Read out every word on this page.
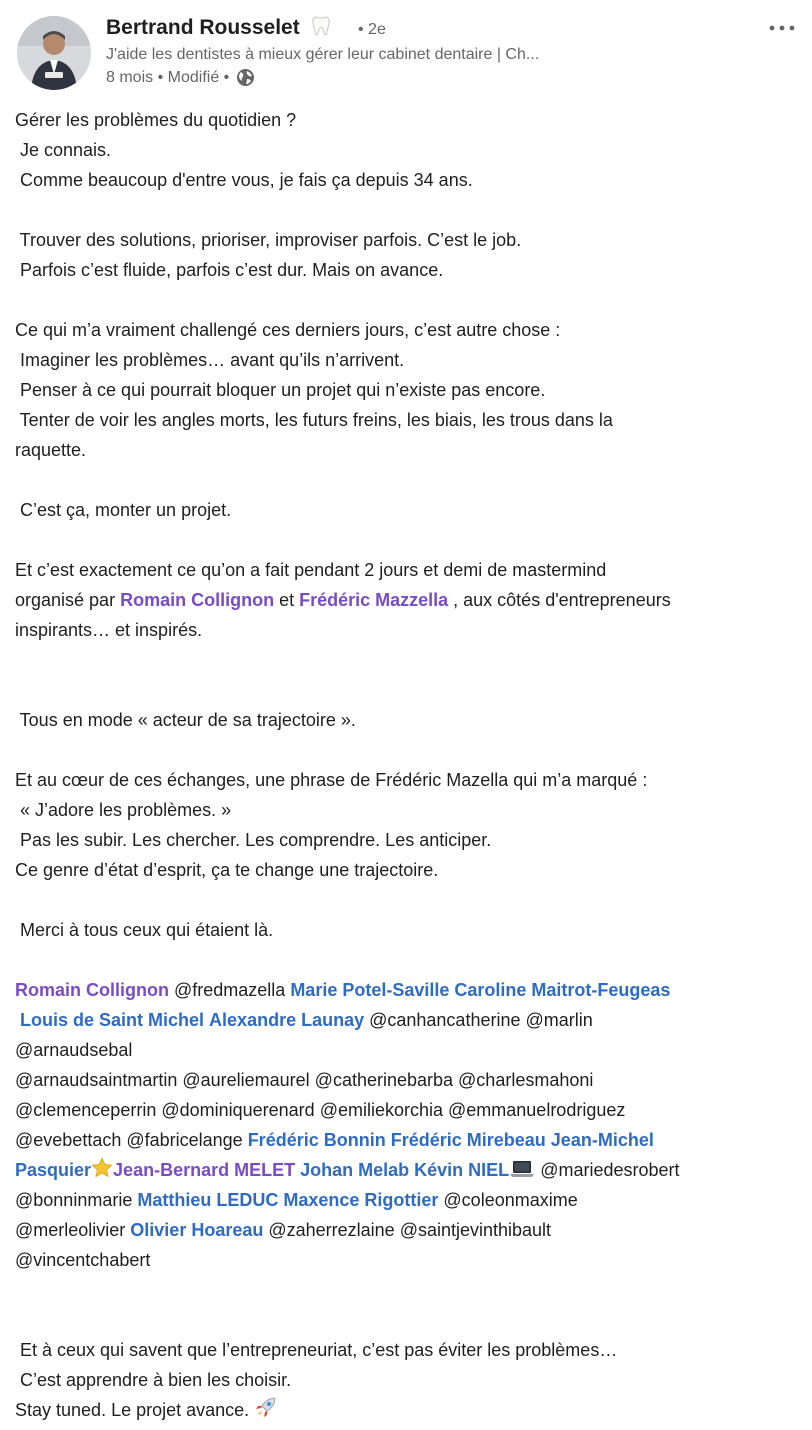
Bertrand Rousselet	• 2e
J'aide les dentistes à mieux gérer leur cabinet dentaire | Ch...
8 mois
•
Modifié
•
Gérer les problèmes du quotidien ?
Je connais.
Comme beaucoup d'entre vous, je fais ça depuis 34 ans.
Trouver des solutions, prioriser, improviser parfois. C’est le job.
Parfois c’est fluide, parfois c’est dur. Mais on avance.
Ce qui m’a vraiment challengé ces derniers jours, c’est autre chose :
Imaginer les problèmes… avant qu’ils n’arrivent.
Penser à ce qui pourrait bloquer un projet qui n’existe pas encore.
Tenter de voir les angles morts, les futurs freins, les biais, les trous dans la
raquette.
C’est ça, monter un projet.
Et c’est exactement ce qu’on a fait pendant 2 jours et demi de mastermind
organisé par Romain Collignon et Frédéric Mazzella , aux côtés d'entrepreneurs
inspirants… et inspirés.
Tous en mode « acteur de sa trajectoire ».
Et au cœur de ces échanges, une phrase de Frédéric Mazella qui m’a marqué :
« J’adore les problèmes. »
Pas les subir. Les chercher. Les comprendre. Les anticiper.
Ce genre d’état d’esprit, ça te change une trajectoire.
Merci à tous ceux qui étaient là.
Romain Collignon @fredmazella Marie Potel-Saville Caroline Maitrot-Feugeas
Louis de Saint Michel Alexandre Launay @canhancatherine @marlin
@arnaudsebal
@arnaudsaintmartin @aureliemaurel @catherinebarba @charlesmahoni
@clemenceperrin @dominiquerenard @emiliekorchia @emmanuelrodriguez
@evebettach @fabricelange Frédéric Bonnin Frédéric Mirebeau Jean-Michel
Pasquier Jean-Bernard MELET Johan Melab Kévin NIEL @mariedesrobert
@bonninmarie Matthieu LEDUC Maxence Rigottier @coleonmaxime
@merleolivier Olivier Hoareau @zaherrezlaine @saintjevinthibault
@vincentchabert
Et à ceux qui savent que l’entrepreneuriat, c’est pas éviter les problèmes…
C’est apprendre à bien les choisir.
Stay tuned. Le projet avance.
